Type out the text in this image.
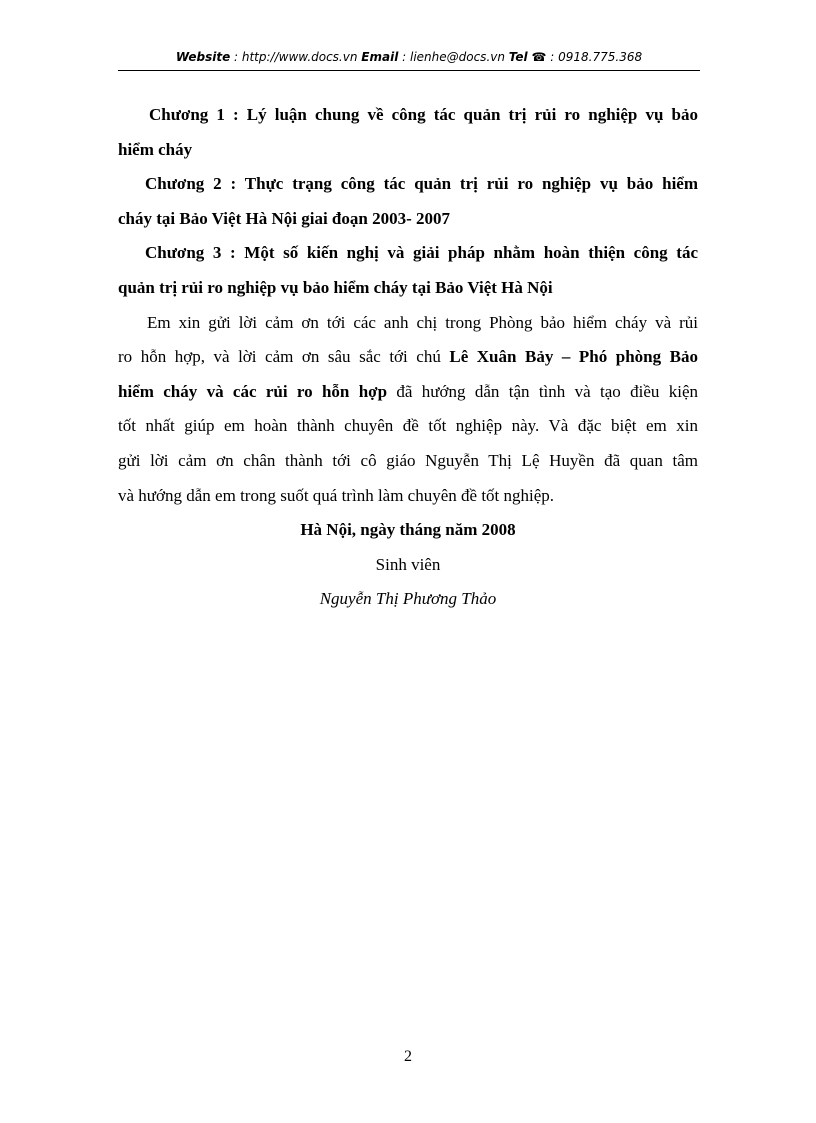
Website : http://www.docs.vn Email : lienhe@docs.vn Tel ☎ : 0918.775.368
Chương 1 : Lý luận chung về công tác quản trị rủi ro nghiệp vụ bảo
hiểm cháy
Chương 2 : Thực trạng công tác quản trị rủi ro nghiệp vụ bảo hiểm
cháy tại Bảo Việt Hà Nội giai đoạn 2003- 2007
Chương 3 : Một số kiến nghị và giải pháp nhằm hoàn thiện công tác
quản trị rủi ro nghiệp vụ bảo hiểm cháy tại Bảo Việt Hà Nội
Em xin gửi lời cảm ơn tới các anh chị trong Phòng bảo hiểm cháy và rủi
ro hỗn hợp, và lời cảm ơn sâu sắc tới chú Lê Xuân Bảy – Phó phòng Bảo
hiểm cháy và các rủi ro hỗn hợp đã hướng dẫn tận tình và tạo điều kiện
tốt nhất giúp em hoàn thành chuyên đề tốt nghiệp này. Và đặc biệt em xin
gửi lời cảm ơn chân thành tới cô giáo Nguyễn Thị Lệ Huyền đã quan tâm
và hướng dẫn em trong suốt quá trình làm chuyên đề tốt nghiệp.
Hà Nội, ngày tháng năm 2008
Sinh viên
Nguyễn Thị Phương Thảo
2
